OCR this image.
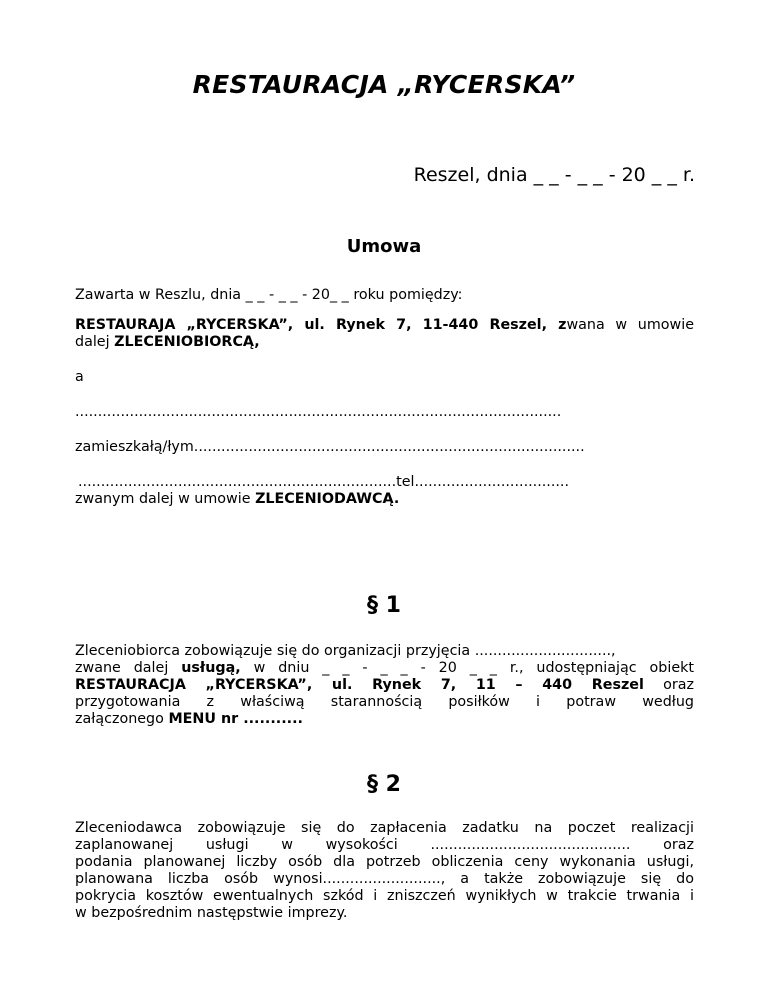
RESTAURACJA „RYCERSKA”
Reszel, dnia _ _ - _ _ - 20 _ _ r.
Umowa
Zawarta w Reszlu, dnia _ _ - _ _ - 20_ _ roku pomiędzy:
RESTAURAJA „RYCERSKA”, ul. Rynek 7, 11-440 Reszel, zwana w umowie
dalej ZLECENIOBIORCĄ,
a
...........................................................................................................
zamieszkałą/łym......................................................................................
......................................................................tel..................................
zwanym dalej w umowie ZLECENIODAWCĄ.
§ 1
Zleceniobiorca zobowiązuje się do organizacji przyjęcia ..............................,
zwane dalej usługą, w dniu _ _ - _ _ - 20 _ _ r., udostępniając obiekt
RESTAURACJA „RYCERSKA”, ul. Rynek 7, 11 – 440 Reszel oraz
przygotowania z właściwą starannością posiłków i potraw według
załączonego MENU nr ...........
§ 2
Zleceniodawca zobowiązuje się do zapłacenia zadatku na poczet realizacji
zaplanowanej usługi w wysokości ............................................ oraz
podania planowanej liczby osób dla potrzeb obliczenia ceny wykonania usługi,
planowana liczba osób wynosi.........................., a także zobowiązuje się do
pokrycia kosztów ewentualnych szkód i zniszczeń wynikłych w trakcie trwania i
w bezpośrednim następstwie imprezy.
